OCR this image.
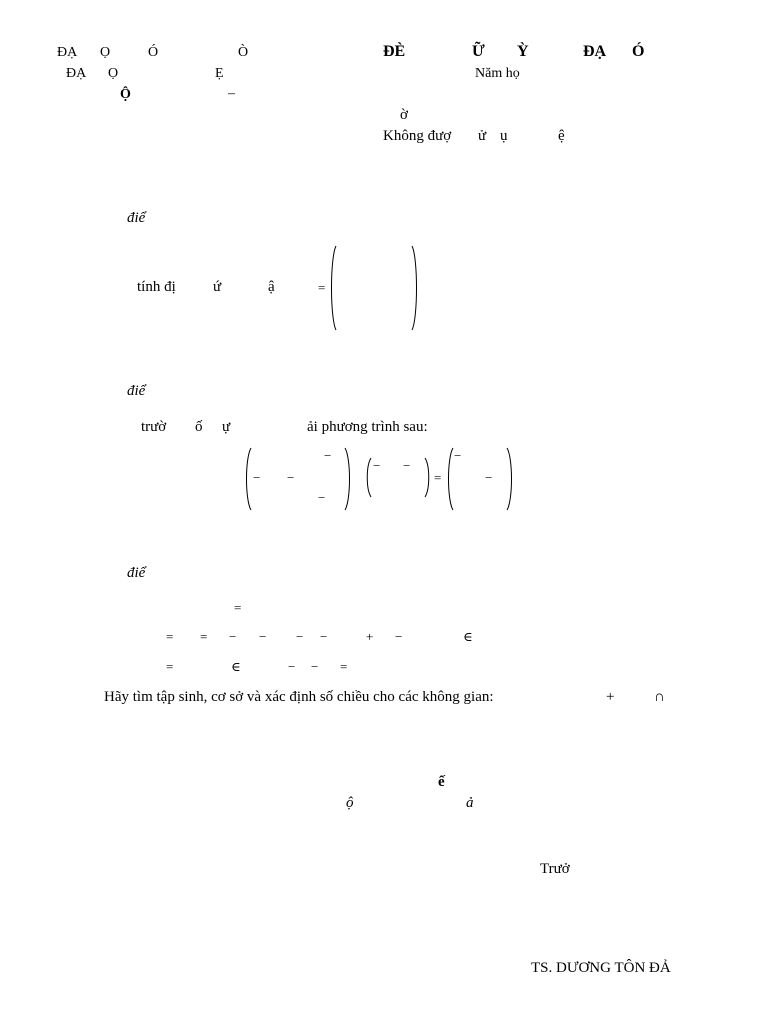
ĐẠ Ọ	Ó	Ò	ĐÈ	Ữ Ỳ	ĐẠ Ó
ĐẠ Ọ	Ẹ	Năm họ
Ộ	–
ờ
Không đượ ử ụ	ệ
điể
tính đị ứ	ậ	=
điể
trườ ố ự	ải phương trình sau:
−
− −
−
− −
=
−
−
điể
=
= = − − − −	+ −	∈
=	∈	− − =
Hãy tìm tập sinh, cơ sở và xác định số chiều cho các không gian:	+	∩
ế
ộ	ả
Trưở
TS. DƯƠNG TÔN ĐẢ
